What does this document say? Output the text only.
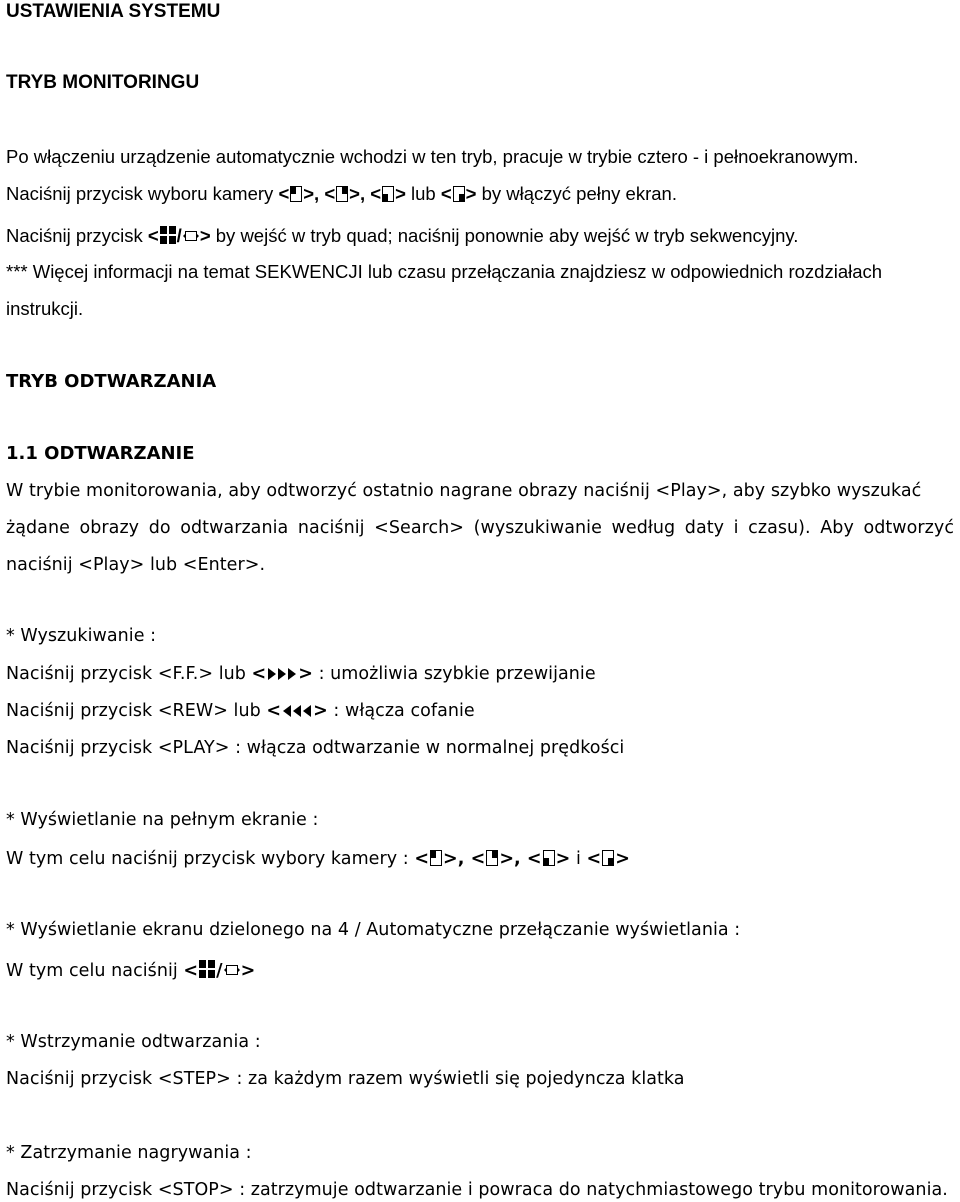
USTAWIENIA SYSTEMU
TRYB MONITORINGU
Po włączeniu urządzenie automatycznie wchodzi w ten tryb, pracuje w trybie cztero - i pełnoekranowym.
Naciśnij przycisk wyboru kamery < >, < >, < > lub < > by włączyć pełny ekran.
Naciśnij przycisk < / > by wejść w tryb quad; naciśnij ponownie aby wejść w tryb sekwencyjny.
*** Więcej informacji na temat SEKWENCJI lub czasu przełączania znajdziesz w odpowiednich rozdziałach
instrukcji.
TRYB ODTWARZANIA
1.1 ODTWARZANIE
W trybie monitorowania, aby odtworzyć ostatnio nagrane obrazy naciśnij <Play>, aby szybko wyszukać
żądane obrazy do odtwarzania naciśnij <Search> (wyszukiwanie według daty i czasu). Aby odtworzyć
naciśnij <Play> lub <Enter>.
* Wyszukiwanie :
Naciśnij przycisk <F.F.> lub < > : umożliwia szybkie przewijanie
Naciśnij przycisk <REW> lub < > : włącza cofanie
Naciśnij przycisk <PLAY> : włącza odtwarzanie w normalnej prędkości
* Wyświetlanie na pełnym ekranie :
W tym celu naciśnij przycisk wybory kamery : < >, < >, < > i < >
* Wyświetlanie ekranu dzielonego na 4 / Automatyczne przełączanie wyświetlania :
W tym celu naciśnij < / >
* Wstrzymanie odtwarzania :
Naciśnij przycisk <STEP> : za każdym razem wyświetli się pojedyncza klatka
* Zatrzymanie nagrywania :
Naciśnij przycisk <STOP> : zatrzymuje odtwarzanie i powraca do natychmiastowego trybu monitorowania.
